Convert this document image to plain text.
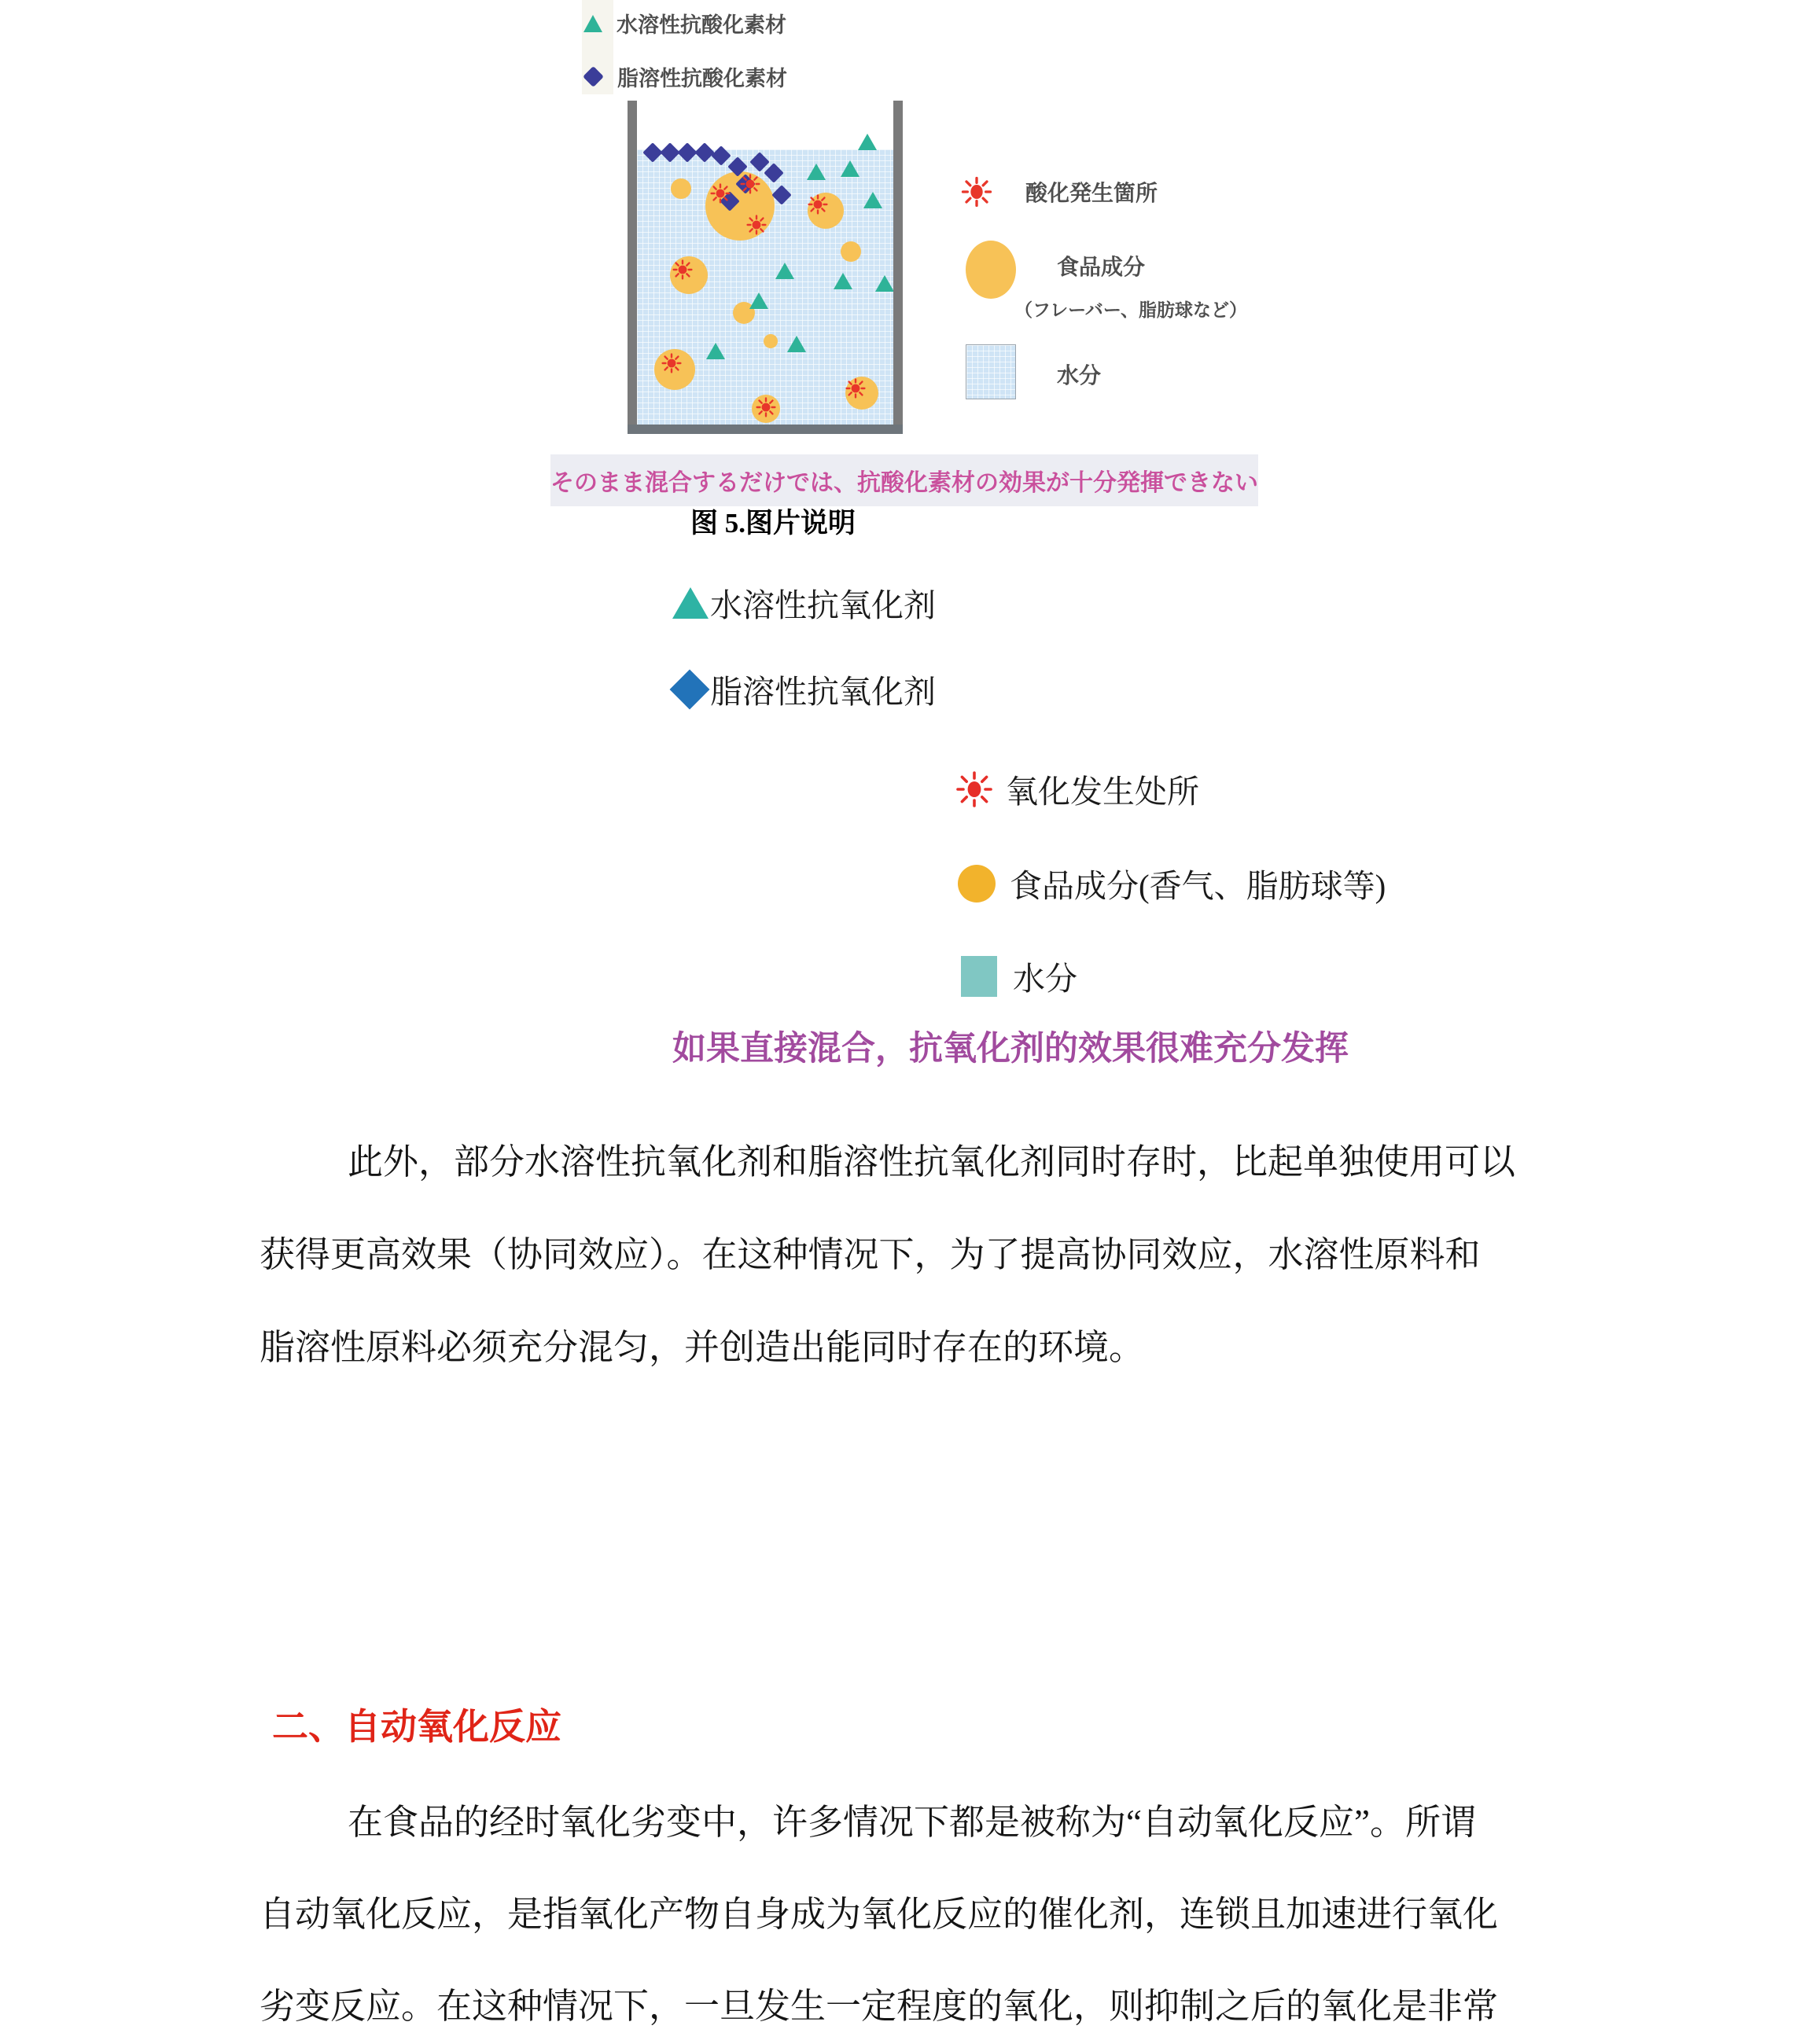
水溶性抗酸化素材
脂溶性抗酸化素材
酸化発生箇所
食品成分
（フレーバー、脂肪球など）
水分
そのまま混合するだけでは、抗酸化素材の効果が十分発揮できない
图 5.图片说明
水溶性抗氧化剂
脂溶性抗氧化剂
氧化发生处所
食品成分(香气、脂肪球等)
水分
如果直接混合，抗氧化剂的效果很难充分发挥
此外，部分水溶性抗氧化剂和脂溶性抗氧化剂同时存时，比起单独使用可以
获得更高效果（协同效应）。在这种情况下，为了提高协同效应，水溶性原料和
脂溶性原料必须充分混匀，并创造出能同时存在的环境。
二、自动氧化反应
在食品的经时氧化劣变中，许多情况下都是被称为“自动氧化反应”。所谓
自动氧化反应，是指氧化产物自身成为氧化反应的催化剂，连锁且加速进行氧化
劣变反应。在这种情况下，一旦发生一定程度的氧化，则抑制之后的氧化是非常
